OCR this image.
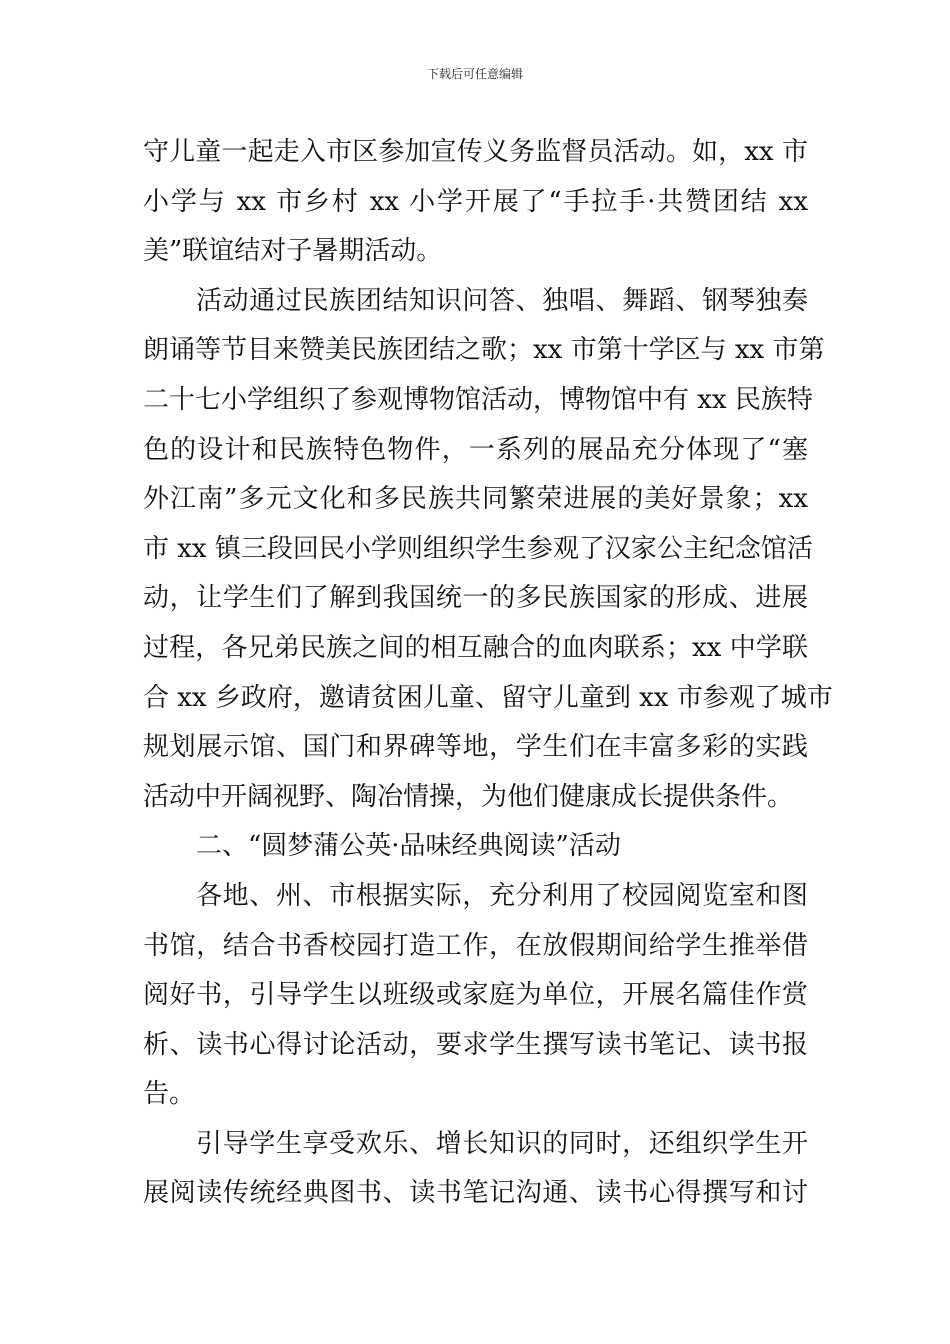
下载后可任意编辑
守儿童一起走入市区参加宣传义务监督员活动。如，xx 市
小学与 xx 市乡村 xx 小学开展了“手拉手·共赞团结 xx
美”联谊结对子暑期活动。
活动通过民族团结知识问答、独唱、舞蹈、钢琴独奏
朗诵等节目来赞美民族团结之歌；xx 市第十学区与 xx 市第
二十七小学组织了参观博物馆活动，博物馆中有 xx 民族特
色的设计和民族特色物件，一系列的展品充分体现了“塞
外江南”多元文化和多民族共同繁荣进展的美好景象；xx
市 xx 镇三段回民小学则组织学生参观了汉家公主纪念馆活
动，让学生们了解到我国统一的多民族国家的形成、进展
过程，各兄弟民族之间的相互融合的血肉联系；xx 中学联
合 xx 乡政府，邀请贫困儿童、留守儿童到 xx 市参观了城市
规划展示馆、国门和界碑等地，学生们在丰富多彩的实践
活动中开阔视野、陶冶情操，为他们健康成长提供条件。
二、“圆梦蒲公英·品味经典阅读”活动
各地、州、市根据实际，充分利用了校园阅览室和图
书馆，结合书香校园打造工作，在放假期间给学生推举借
阅好书，引导学生以班级或家庭为单位，开展名篇佳作赏
析、读书心得讨论活动，要求学生撰写读书笔记、读书报
告。
引导学生享受欢乐、增长知识的同时，还组织学生开
展阅读传统经典图书、读书笔记沟通、读书心得撰写和讨
